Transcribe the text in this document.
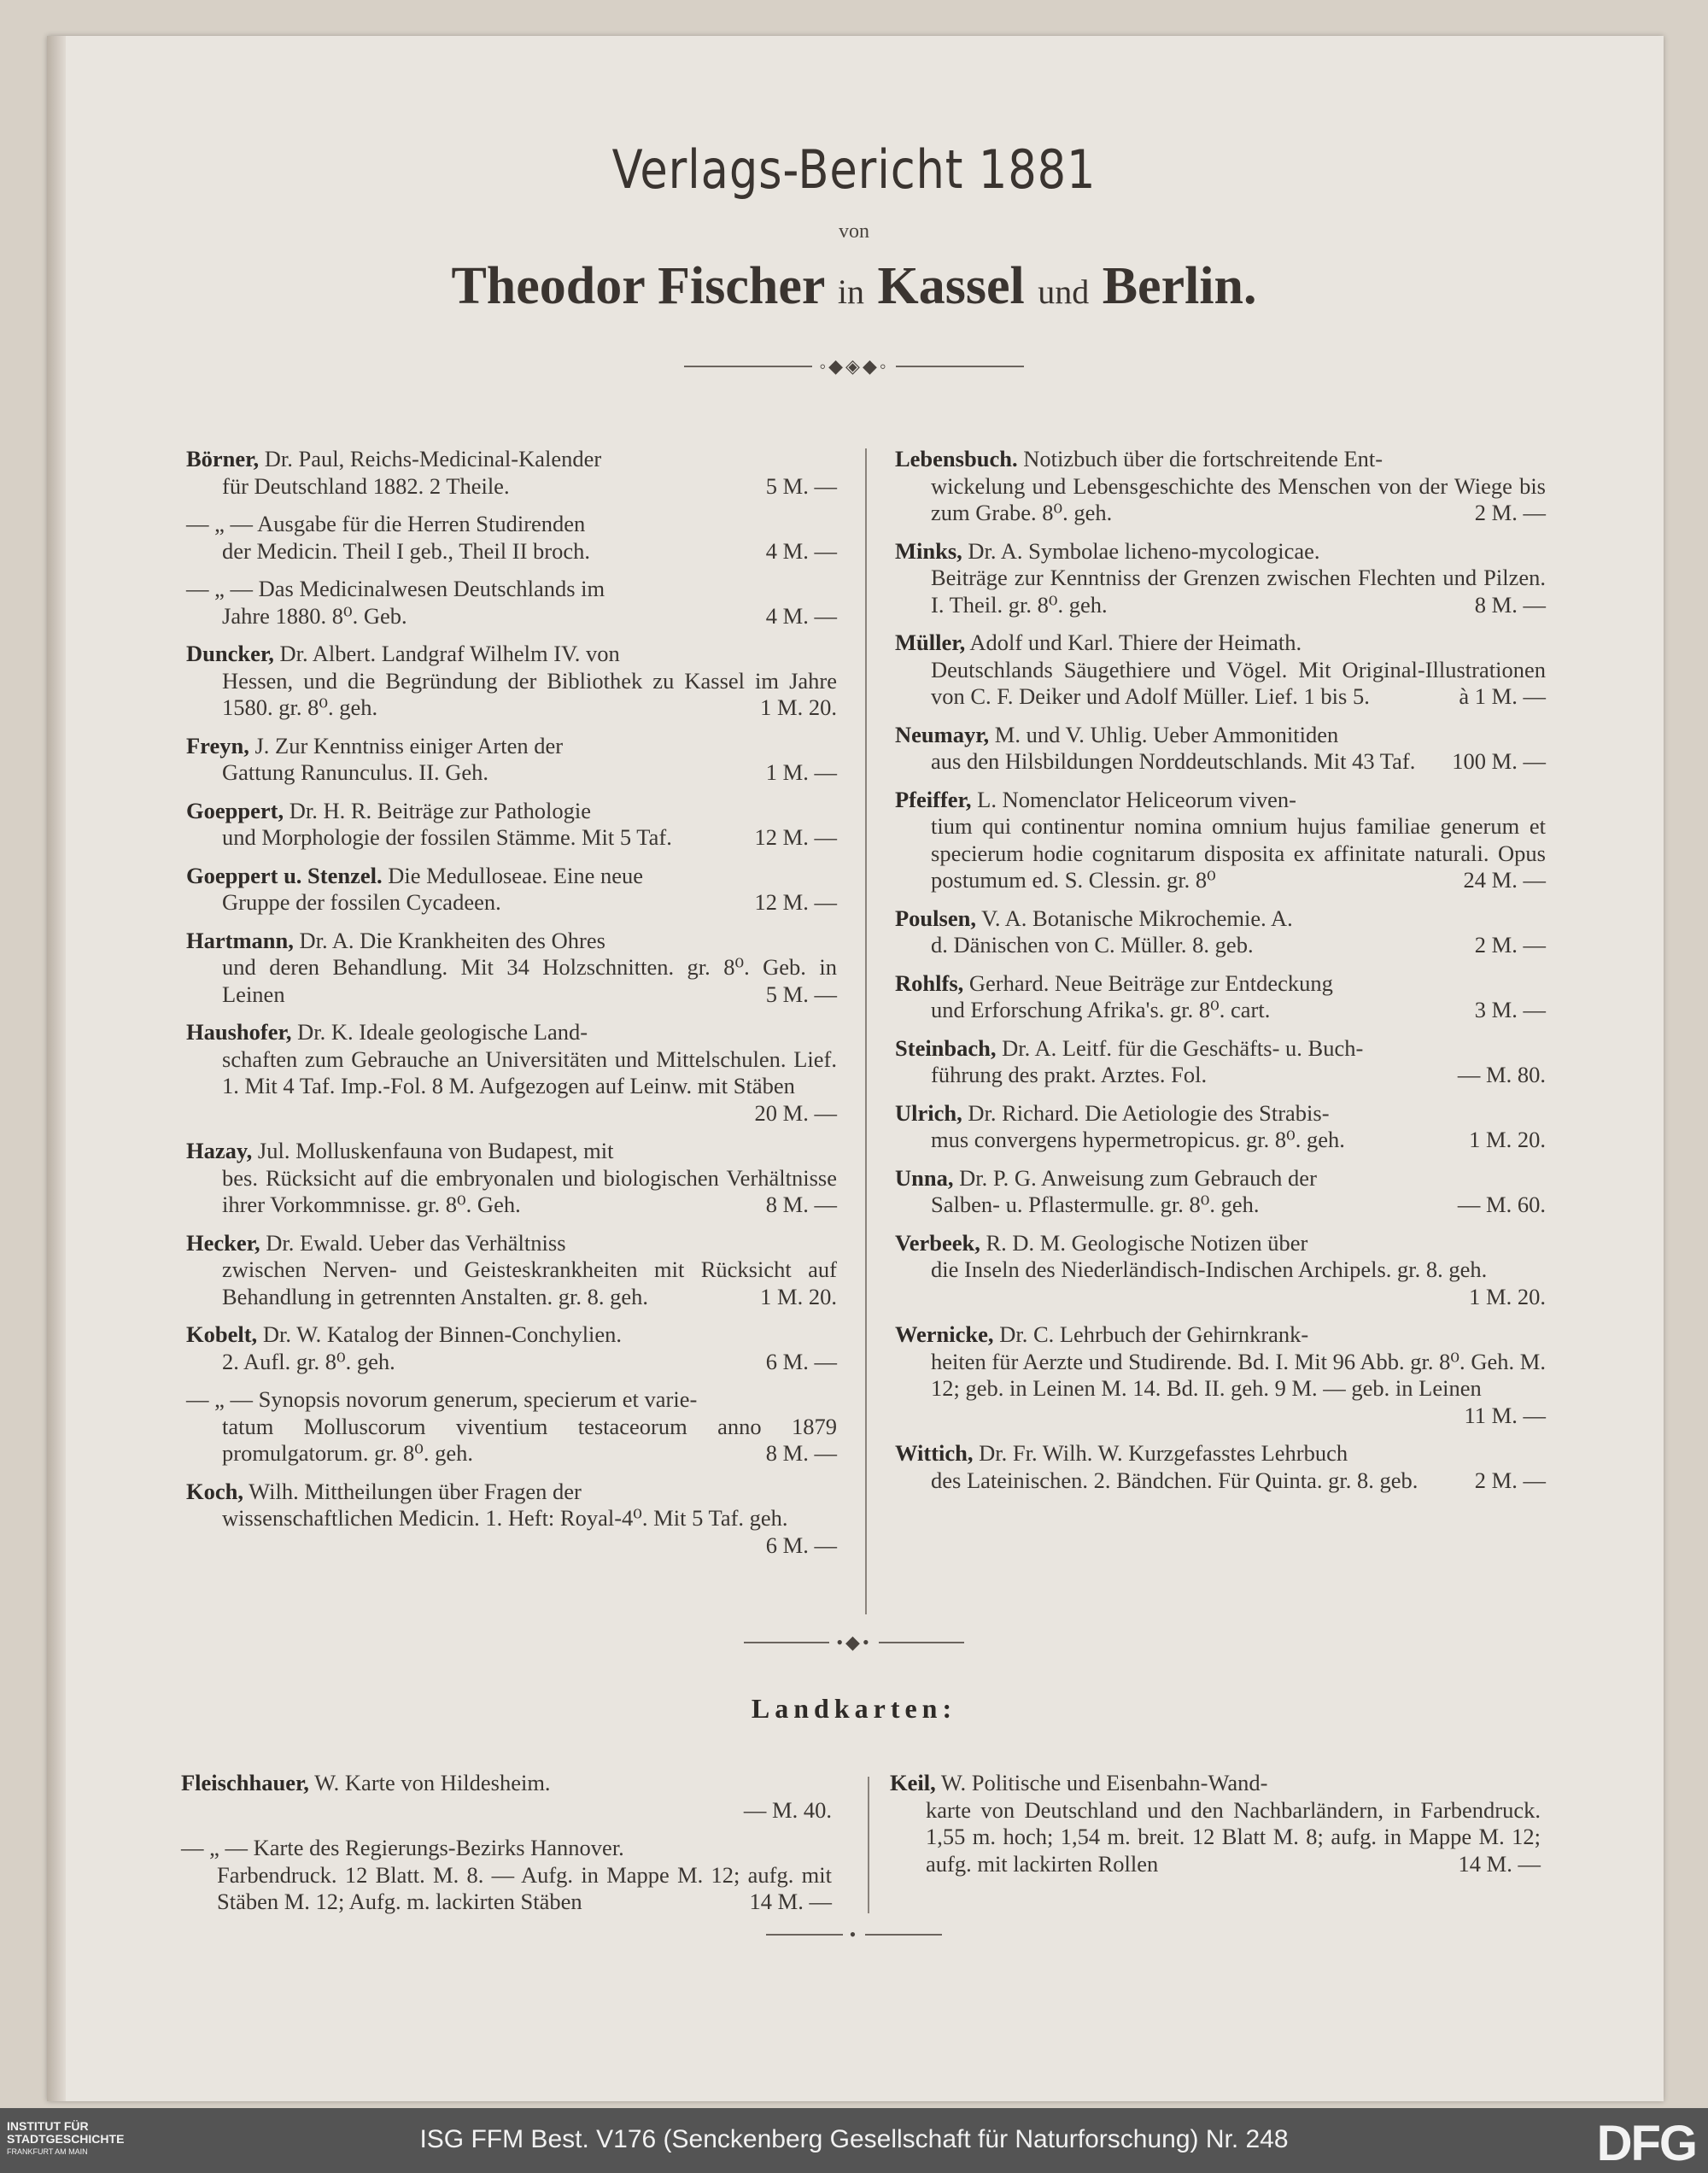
Verlags-Bericht 1881
von
Theodor Fischer in Kassel und Berlin.
◦◆◈◆◦
Börner, Dr. Paul, Reichs-Medicinal-Kalender
für Deutschland 1882. 2 Theile.	5 M. —
— „ — Ausgabe für die Herren Studirenden
der Medicin. Theil I geb., Theil II broch.	4 M. —
— „ — Das Medicinalwesen Deutschlands im
Jahre 1880. 8⁰. Geb.	4 M. —
Duncker, Dr. Albert. Landgraf Wilhelm IV. von
Hessen, und die Begründung der Bibliothek zu Kassel im Jahre 1580. gr. 8⁰. geh.	1 M. 20.
Freyn, J. Zur Kenntniss einiger Arten der
Gattung Ranunculus. II. Geh.	1 M. —
Goeppert, Dr. H. R. Beiträge zur Pathologie
und Morphologie der fossilen Stämme. Mit 5 Taf.	12 M. —
Goeppert u. Stenzel. Die Medulloseae. Eine neue
Gruppe der fossilen Cycadeen.	12 M. —
Hartmann, Dr. A. Die Krankheiten des Ohres
und deren Behandlung. Mit 34 Holzschnitten. gr. 8⁰. Geb. in Leinen	5 M. —
Haushofer, Dr. K. Ideale geologische Land-
schaften zum Gebrauche an Universitäten und Mittelschulen. Lief. 1. Mit 4 Taf. Imp.-Fol. 8 M. Aufgezogen auf Leinw. mit Stäben
20 M. —
Hazay, Jul. Molluskenfauna von Budapest, mit
bes. Rücksicht auf die embryonalen und biologischen Verhältnisse ihrer Vorkommnisse. gr. 8⁰. Geh.	8 M. —
Hecker, Dr. Ewald. Ueber das Verhältniss
zwischen Nerven- und Geisteskrankheiten mit Rücksicht auf Behandlung in getrennten Anstalten. gr. 8. geh.	1 M. 20.
Kobelt, Dr. W. Katalog der Binnen-Conchylien.
2. Aufl. gr. 8⁰. geh.	6 M. —
— „ — Synopsis novorum generum, specierum et varie-
tatum Molluscorum viventium testaceorum anno 1879 promulgatorum. gr. 8⁰. geh.	8 M. —
Koch, Wilh. Mittheilungen über Fragen der
wissenschaftlichen Medicin. 1. Heft: Royal-4⁰. Mit 5 Taf. geh.
6 M. —
Lebensbuch. Notizbuch über die fortschreitende Ent-
wickelung und Lebensgeschichte des Menschen von der Wiege bis zum Grabe. 8⁰. geh.	2 M. —
Minks, Dr. A. Symbolae licheno-mycologicae.
Beiträge zur Kenntniss der Grenzen zwischen Flechten und Pilzen. I. Theil. gr. 8⁰. geh.	8 M. —
Müller, Adolf und Karl. Thiere der Heimath.
Deutschlands Säugethiere und Vögel. Mit Original-Illustrationen von C. F. Deiker und Adolf Müller. Lief. 1 bis 5.	à 1 M. —
Neumayr, M. und V. Uhlig. Ueber Ammonitiden
aus den Hilsbildungen Norddeutschlands. Mit 43 Taf. 100 M. —
Pfeiffer, L. Nomenclator Heliceorum viven-
tium qui continentur nomina omnium hujus familiae generum et specierum hodie cognitarum disposita ex affinitate naturali. Opus postumum ed. S. Clessin. gr. 8⁰	24 M. —
Poulsen, V. A. Botanische Mikrochemie. A.
d. Dänischen von C. Müller. 8. geb.	2 M. —
Rohlfs, Gerhard. Neue Beiträge zur Entdeckung
und Erforschung Afrika's. gr. 8⁰. cart.	3 M. —
Steinbach, Dr. A. Leitf. für die Geschäfts- u. Buch-
führung des prakt. Arztes. Fol.	— M. 80.
Ulrich, Dr. Richard. Die Aetiologie des Strabis-
mus convergens hypermetropicus. gr. 8⁰. geh.	1 M. 20.
Unna, Dr. P. G. Anweisung zum Gebrauch der
Salben- u. Pflastermulle. gr. 8⁰. geh.	— M. 60.
Verbeek, R. D. M. Geologische Notizen über
die Inseln des Niederländisch-Indischen Archipels. gr. 8. geh.
1 M. 20.
Wernicke, Dr. C. Lehrbuch der Gehirnkrank-
heiten für Aerzte und Studirende. Bd. I. Mit 96 Abb. gr. 8⁰. Geh. M. 12; geb. in Leinen M. 14. Bd. II. geh. 9 M. — geb. in Leinen
11 M. —
Wittich, Dr. Fr. Wilh. W. Kurzgefasstes Lehrbuch
des Lateinischen. 2. Bändchen. Für Quinta. gr. 8. geb.	2 M. —
•◆•
Landkarten:
Fleischhauer, W. Karte von Hildesheim.
— M. 40.
— „ — Karte des Regierungs-Bezirks Hannover.
Farbendruck. 12 Blatt. M. 8. — Aufg. in Mappe M. 12; aufg. mit Stäben M. 12; Aufg. m. lackirten Stäben	14 M. —
Keil, W. Politische und Eisenbahn-Wand-
karte von Deutschland und den Nachbarländern, in Farbendruck. 1,55 m. hoch; 1,54 m. breit. 12 Blatt M. 8; aufg. in Mappe M. 12; aufg. mit lackirten Rollen	14 M. —
•
INSTITUT FÜR
STADTGESCHICHTE
FRANKFURT AM MAIN	ISG FFM Best. V176 (Senckenberg Gesellschaft für Naturforschung) Nr. 248	DFG
